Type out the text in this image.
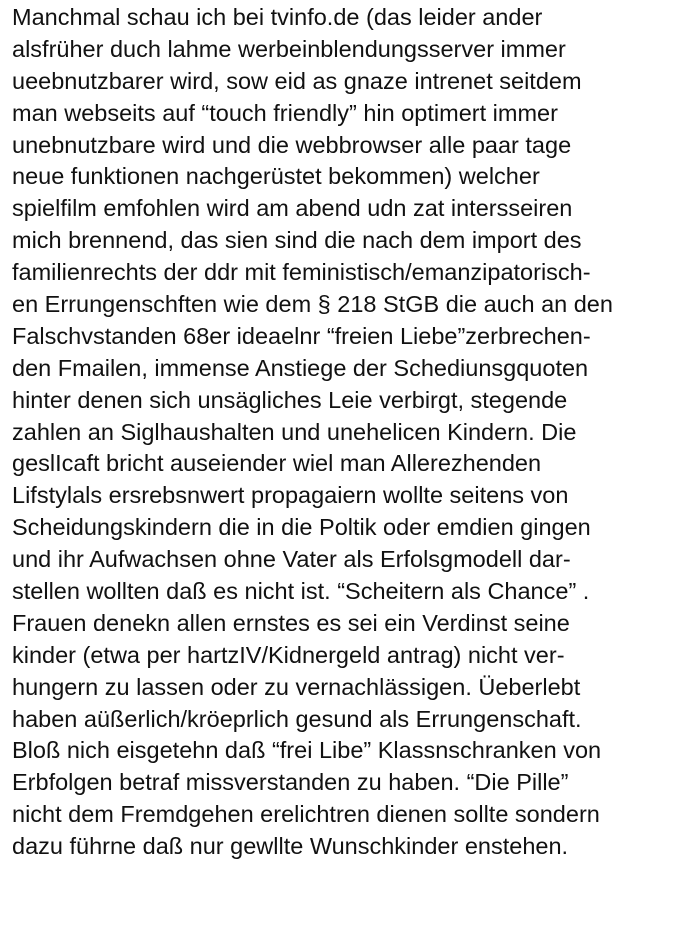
Manchmal schau ich bei tvinfo.de (das leider ander
alsfrüher duch lahme werbeinblendungsserver immer
ueebnutzbarer wird, sow eid as gnaze intrenet seitdem
man webseits auf “touch friendly” hin optimert immer
unebnutzbare wird und die webbrowser alle paar tage
neue funktionen nachgerüstet bekommen) welcher
spielfilm emfohlen wird am abend udn zat intersseiren
mich brennend, das sien sind die nach dem import des
familienrechts der ddr mit feministisch/emanzipatorisch-
en Errungenschften wie dem § 218 StGB die auch an den
Falschvstanden 68er ideaelnr “freien Liebe”zerbrechen-
den Fmailen, immense Anstiege der Schediunsgquoten
hinter denen sich unsägliches Leie verbirgt, stegende
zahlen an Siglhaushalten und unehelicen Kindern. Die
geslIcaft bricht auseiender wiel man Allerezhenden
Lifstylals ersrebsnwert propagaiern wollte seitens von
Scheidungskindern die in die Poltik oder emdien gingen
und ihr Aufwachsen ohne Vater als Erfolsgmodell dar-
stellen wollten daß es nicht ist. “Scheitern als Chance” .
Frauen denekn allen ernstes es sei ein Verdinst seine
kinder (etwa per hartzIV/Kidnergeld antrag) nicht ver-
hungern zu lassen oder zu vernachlässigen. Üeberlebt
haben aüßerlich/kröeprlich gesund als Errungenschaft.
Bloß nich eisgetehn daß “frei Libe” Klassnschranken von
Erbfolgen betraf missverstanden zu haben. “Die Pille”
nicht dem Fremdgehen erelichtren dienen sollte sondern
dazu führne daß nur gewllte Wunschkinder enstehen.
